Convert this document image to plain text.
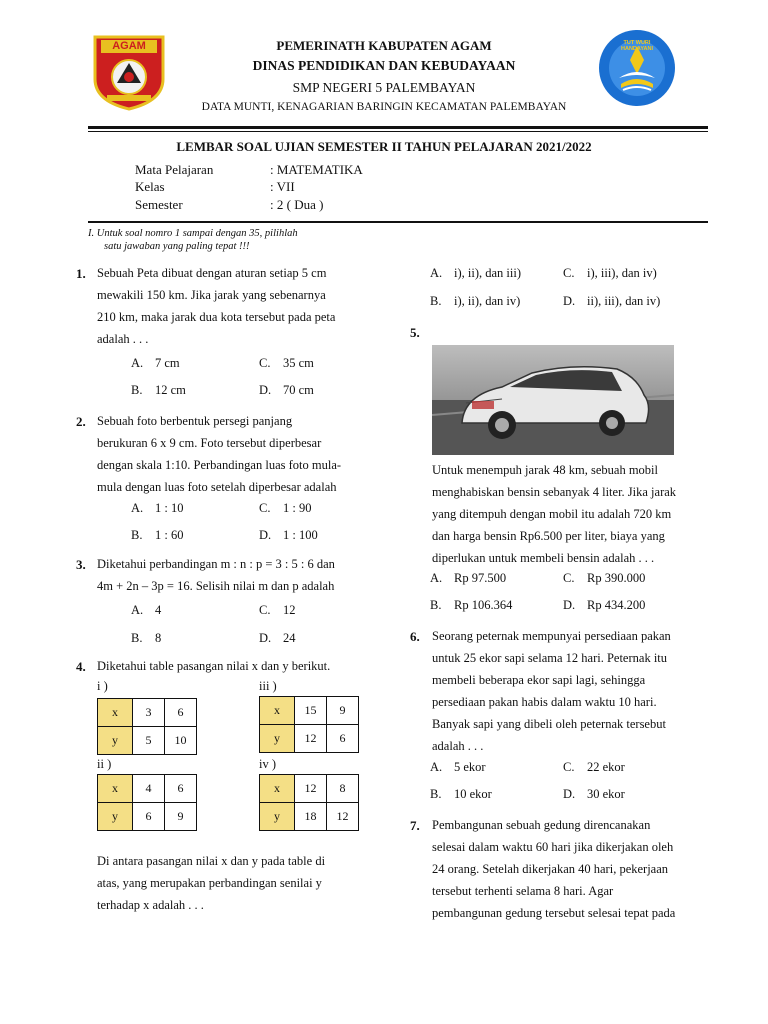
AGAM	TUT WURI HANDAYANI
PEMERINATH KABUPATEN AGAM
DINAS PENDIDIKAN DAN KEBUDAYAAN
SMP NEGERI 5 PALEMBAYAN
DATA MUNTI, KENAGARIAN BARINGIN KECAMATAN PALEMBAYAN
LEMBAR SOAL UJIAN SEMESTER II TAHUN PELAJARAN 2021/2022
Mata Pelajaran	: MATEMATIKA
Kelas	: VII
Semester	: 2 ( Dua )
I. Untuk soal nomro 1 sampai dengan 35, pilihlah
satu jawaban yang paling tepat !!!
1. Sebuah Peta dibuat dengan aturan setiap 5 cm
mewakili 150 km. Jika jarak yang sebenarnya
210 km, maka jarak dua kota tersebut pada peta
adalah . . .
A. 7 cm	C. 35 cm
B. 12 cm	D. 70 cm
2. Sebuah foto berbentuk persegi panjang
berukuran 6 x 9 cm. Foto tersebut diperbesar
dengan skala 1:10. Perbandingan luas foto mula-
mula dengan luas foto setelah diperbesar adalah
A. 1 : 10	C. 1 : 90
B. 1 : 60	D. 1 : 100
3. Diketahui perbandingan m : n : p = 3 : 5 : 6 dan
4m + 2n – 3p = 16. Selisih nilai m dan p adalah
A. 4	C. 12
B. 8	D. 24
4. Diketahui table pasangan nilai x dan y berikut.
i )
x	3	6
y	5	10
iii )
x	15	9
y	12	6
ii )
x	4	6
y	6	9
iv )
x	12	8
y	18	12
Di antara pasangan nilai x dan y pada table di
atas, yang merupakan perbandingan senilai y
terhadap x adalah . . .
A. i), ii), dan iii)	C. i), iii), dan iv)
B. i), ii), dan iv)	D. ii), iii), dan iv)
5.
Untuk menempuh jarak 48 km, sebuah mobil
menghabiskan bensin sebanyak 4 liter. Jika jarak
yang ditempuh dengan mobil itu adalah 720 km
dan harga bensin Rp6.500 per liter, biaya yang
diperlukan untuk membeli bensin adalah . . .
A. Rp 97.500	C. Rp 390.000
B. Rp 106.364	D. Rp 434.200
6. Seorang peternak mempunyai persediaan pakan
untuk 25 ekor sapi selama 12 hari. Peternak itu
membeli beberapa ekor sapi lagi, sehingga
persediaan pakan habis dalam waktu 10 hari.
Banyak sapi yang dibeli oleh peternak tersebut
adalah . . .
A. 5 ekor	C. 22 ekor
B. 10 ekor	D. 30 ekor
7. Pembangunan sebuah gedung direncanakan
selesai dalam waktu 60 hari jika dikerjakan oleh
24 orang. Setelah dikerjakan 40 hari, pekerjaan
tersebut terhenti selama 8 hari. Agar
pembangunan gedung tersebut selesai tepat pada
